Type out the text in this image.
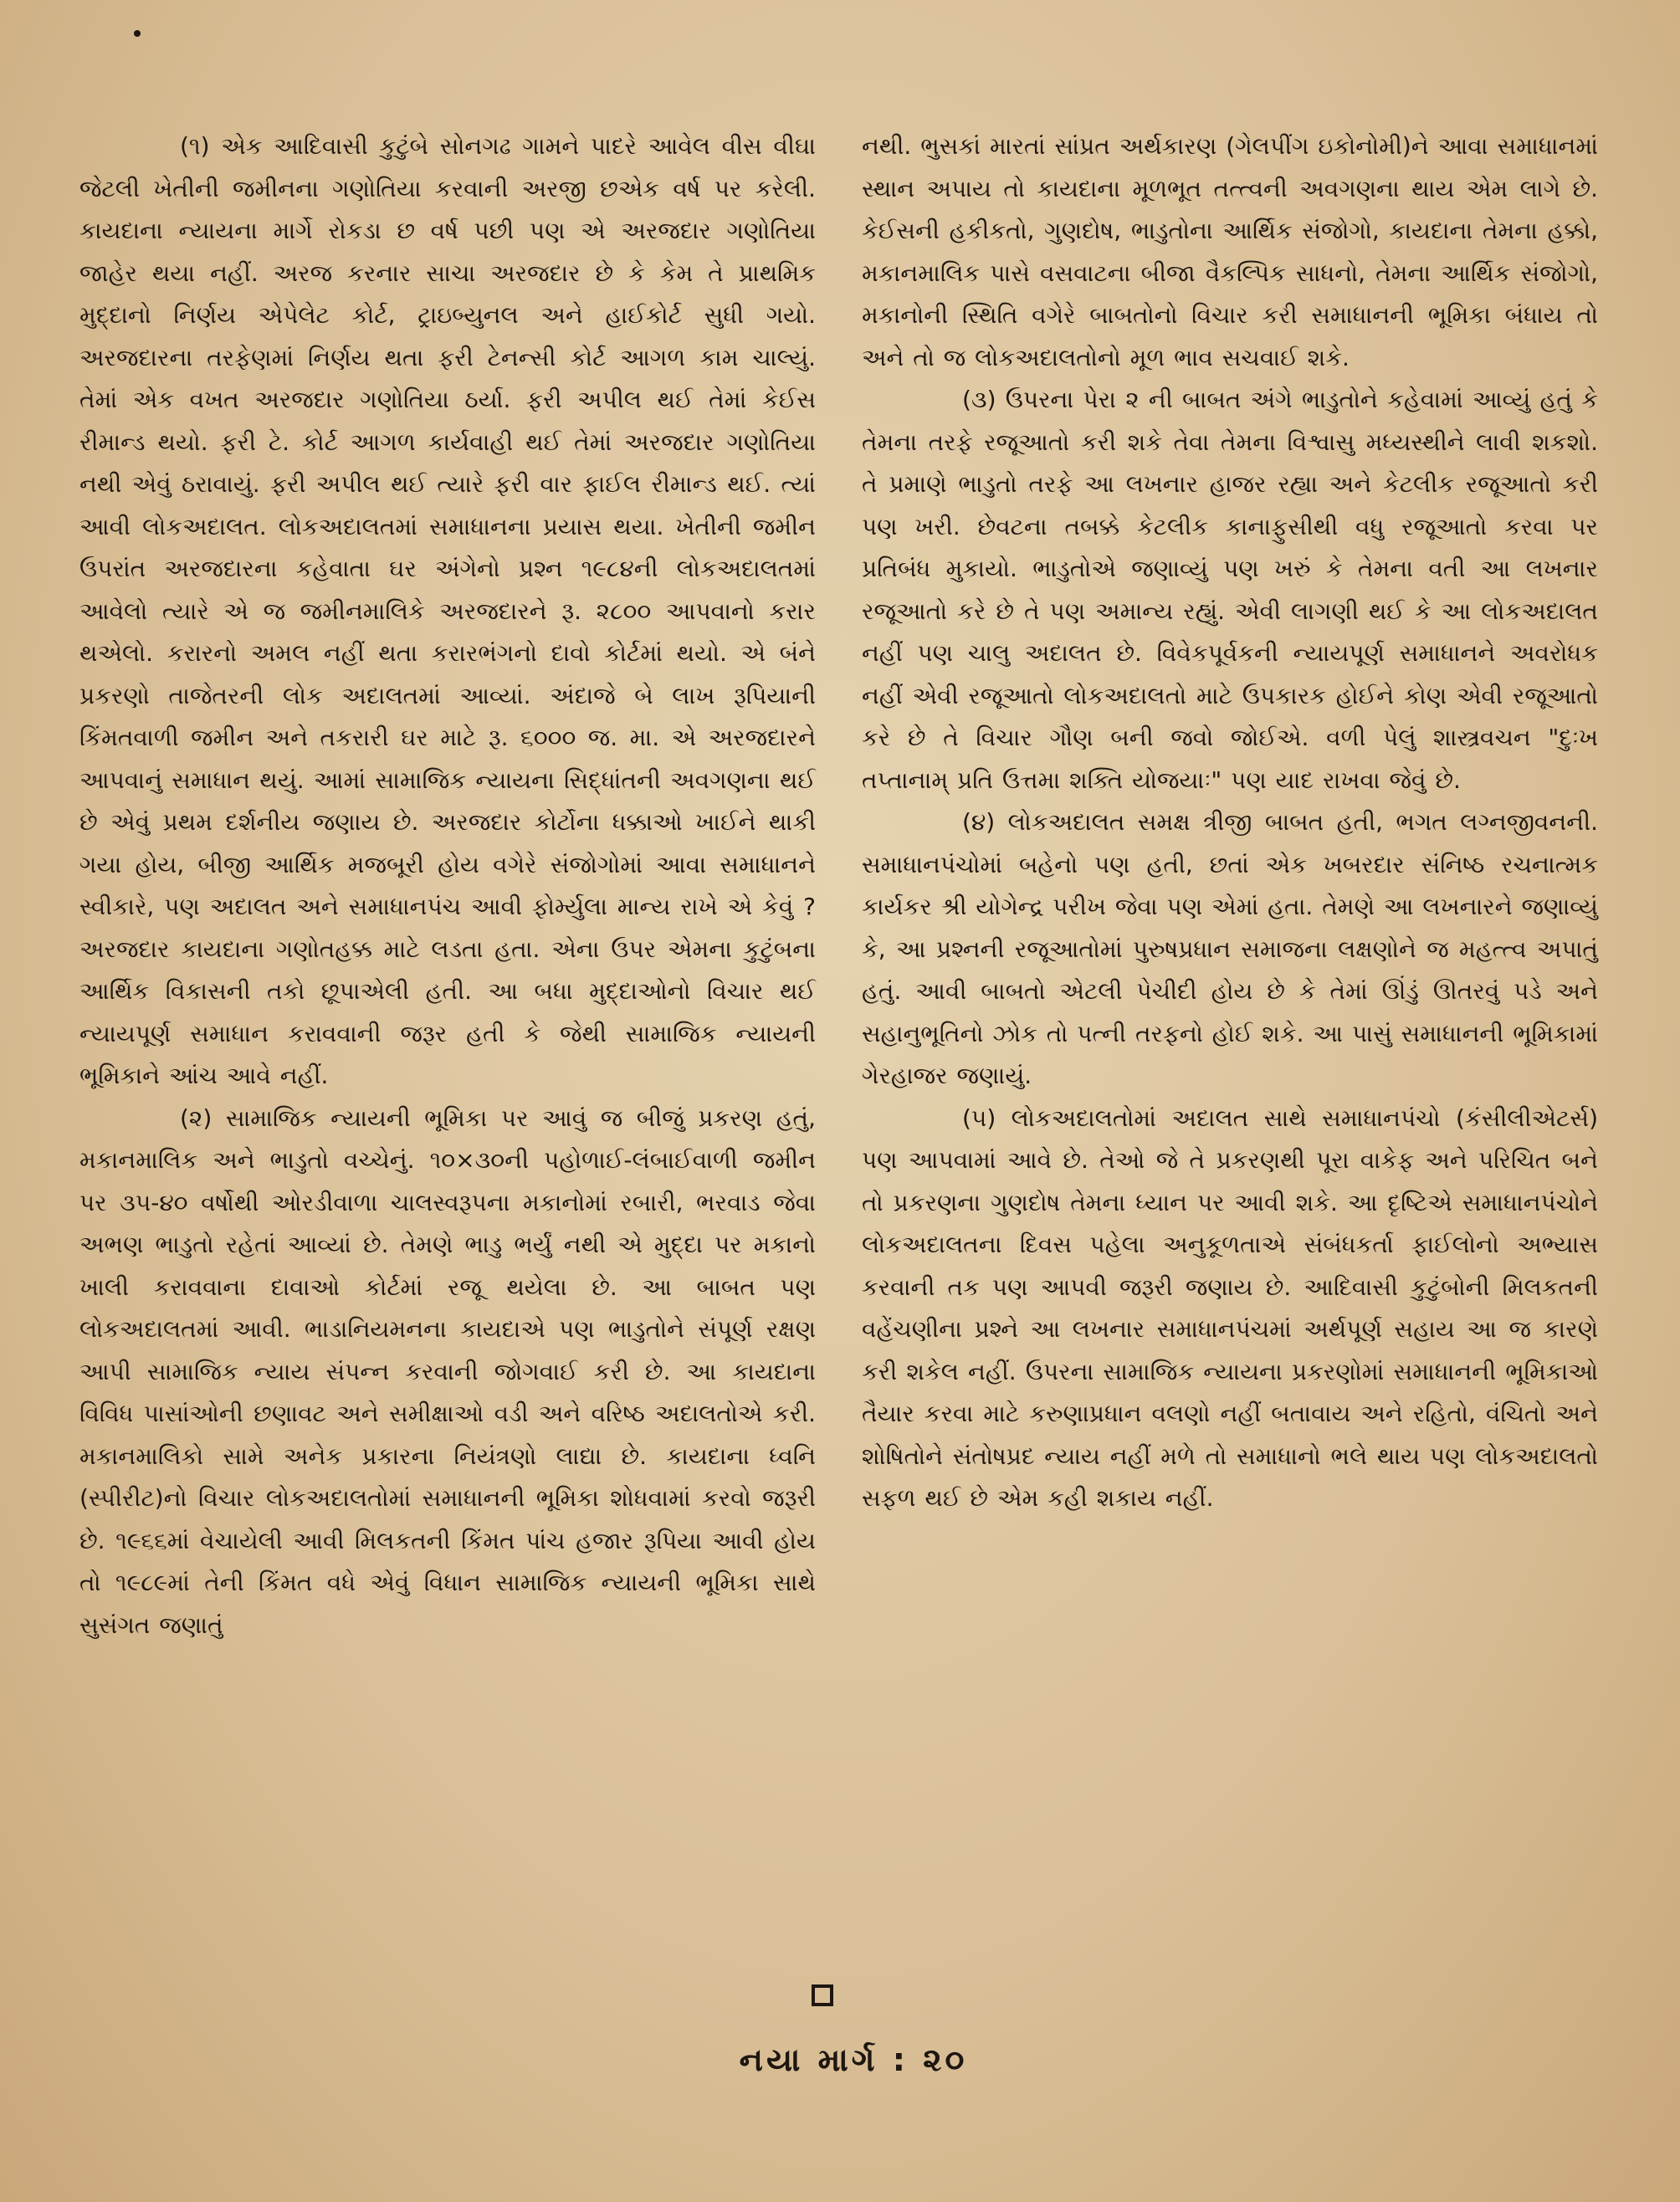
(૧) એક આદિવાસી કુટુંબે સોનગઢ ગામને પાદરે આવેલ વીસ વીઘા જેટલી ખેતીની જમીનના ગણોતિયા કરવાની અરજી છએક વર્ષ પર કરેલી. કાયદાના ન્યાયના માર્ગે રોકડા છ વર્ષ પછી પણ એ અરજદાર ગણોતિયા જાહેર થયા નહીં. અરજ કરનાર સાચા અરજદાર છે કે કેમ તે પ્રાથમિક મુદ્દાનો નિર્ણય એપેલેટ કોર્ટ, ટ્રાઇબ્યુનલ અને હાઈકોર્ટ સુધી ગયો. અરજદારના તરફેણમાં નિર્ણય થતા ફરી ટેનન્સી કોર્ટ આગળ કામ ચાલ્યું. તેમાં એક વખત અરજદાર ગણોતિયા ઠર્યા. ફરી અપીલ થઈ તેમાં કેઈસ રીમાન્ડ થયો. ફરી ટે. કોર્ટ આગળ કાર્યવાહી થઈ તેમાં અરજદાર ગણોતિયા નથી એવું ઠરાવાયું. ફરી અપીલ થઈ ત્યારે ફરી વાર ફાઈલ રીમાન્ડ થઈ. ત્યાં આવી લોકઅદાલત. લોકઅદાલતમાં સમાધાનના પ્રયાસ થયા. ખેતીની જમીન ઉપરાંત અરજદારના કહેવાતા ઘર અંગેનો પ્રશ્ન ૧૯૮૪ની લોકઅદાલતમાં આવેલો ત્યારે એ જ જમીનમાલિકે અરજદારને રૂ. ૨૮૦૦ આપવાનો કરાર થએલો. કરારનો અમલ નહીં થતા કરારભંગનો દાવો કોર્ટમાં થયો. એ બંને પ્રકરણો તાજેતરની લોક અદાલતમાં આવ્યાં. અંદાજે બે લાખ રૂપિયાની કિંમતવાળી જમીન અને તકરારી ઘર માટે રૂ. ૬૦૦૦ જ. મા. એ અરજદારને આપવાનું સમાધાન થયું. આમાં સામાજિક ન્યાયના સિદ્ધાંતની અવગણના થઈ છે એવું પ્રથમ દર્શનીય જણાય છે. અરજદાર કોર્ટોના ધક્કાઓ ખાઈને થાકી ગયા હોય, બીજી આર્થિક મજબૂરી હોય વગેરે સંજોગોમાં આવા સમાધાનને સ્વીકારે, પણ અદાલત અને સમાધાનપંચ આવી ફોર્મ્યુલા માન્ય રાખે એ કેવું ? અરજદાર કાયદાના ગણોતહક્ક માટે લડતા હતા. એના ઉપર એમના કુટુંબના આર્થિક વિકાસની તકો છૂપાએલી હતી. આ બધા મુદ્દાઓનો વિચાર થઈ ન્યાયપૂર્ણ સમાધાન કરાવવાની જરૂર હતી કે જેથી સામાજિક ન્યાયની ભૂમિકાને આંચ આવે નહીં.

(૨) સામાજિક ન્યાયની ભૂમિકા પર આવું જ બીજું પ્રકરણ હતું, મકાનમાલિક અને ભાડુતો વચ્ચેનું. ૧૦×૩૦ની પહોળાઈ-લંબાઈવાળી જમીન પર ૩૫-૪૦ વર્ષોથી ઓરડીવાળા ચાલસ્વરૂપના મકાનોમાં રબારી, ભરવાડ જેવા અભણ ભાડુતો રહેતાં આવ્યાં છે. તેમણે ભાડુ ભર્યું નથી એ મુદ્દા પર મકાનો ખાલી કરાવવાના દાવાઓ કોર્ટમાં રજૂ થયેલા છે. આ બાબત પણ લોકઅદાલતમાં આવી. ભાડાનિયમનના કાયદાએ પણ ભાડુતોને સંપૂર્ણ રક્ષણ આપી સામાજિક ન્યાય સંપન્ન કરવાની જોગવાઈ કરી છે. આ કાયદાના વિવિધ પાસાંઓની છણાવટ અને સમીક્ષાઓ વડી અને વરિષ્ઠ અદાલતોએ કરી. મકાનમાલિકો સામે અનેક પ્રકારના નિયંત્રણો લાદ્યા છે. કાયદાના ધ્વનિ (સ્પીરીટ)નો વિચાર લોકઅદાલતોમાં સમાધાનની ભૂમિકા શોધવામાં કરવો જરૂરી છે. ૧૯૬૬માં વેચાયેલી આવી મિલકતની કિંમત પાંચ હજાર રૂપિયા આવી હોય તો ૧૯૮૯માં તેની કિંમત વધે એવું વિધાન સામાજિક ન્યાયની ભૂમિકા સાથે સુસંગત જણાતું

નથી. ભુસકાં મારતાં સાંપ્રત અર્થકારણ (ગેલપીંગ ઇકોનોમી)ને આવા સમાધાનમાં સ્થાન અપાય તો કાયદાના મૂળભૂત તત્ત્વની અવગણના થાય એમ લાગે છે. કેઈસની હકીકતો, ગુણદોષ, ભાડુતોના આર્થિક સંજોગો, કાયદાના તેમના હક્કો, મકાનમાલિક પાસે વસવાટના બીજા વૈકલ્પિક સાધનો, તેમના આર્થિક સંજોગો, મકાનોની સ્થિતિ વગેરે બાબતોનો વિચાર કરી સમાધાનની ભૂમિકા બંધાય તો અને તો જ લોકઅદાલતોનો મૂળ ભાવ સચવાઈ શકે.

(૩) ઉપરના પેરા ૨ ની બાબત અંગે ભાડુતોને કહેવામાં આવ્યું હતું કે તેમના તરફે રજૂઆતો કરી શકે તેવા તેમના વિશ્વાસુ મધ્યસ્થીને લાવી શકશો. તે પ્રમાણે ભાડુતો તરફે આ લખનાર હાજર રહ્યા અને કેટલીક રજૂઆતો કરી પણ ખરી. છેવટના તબક્કે કેટલીક કાનાફુસીથી વધુ રજૂઆતો કરવા પર પ્રતિબંધ મુકાયો. ભાડુતોએ જણાવ્યું પણ ખરું કે તેમના વતી આ લખનાર રજૂઆતો કરે છે તે પણ અમાન્ય રહ્યું. એવી લાગણી થઈ કે આ લોકઅદાલત નહીં પણ ચાલુ અદાલત છે. વિવેકપૂર્વકની ન્યાયપૂર્ણ સમાધાનને અવરોધક નહીં એવી રજૂઆતો લોકઅદાલતો માટે ઉપકારક હોઈને કોણ એવી રજૂઆતો કરે છે તે વિચાર ગૌણ બની જવો જોઈએ. વળી પેલું શાસ્ત્રવચન "દુઃખ તપ્તાનામ્ પ્રતિ ઉત્તમા શક્તિ યોજયાઃ" પણ યાદ રાખવા જેવું છે.

(૪) લોકઅદાલત સમક્ષ ત્રીજી બાબત હતી, ભગત લગ્નજીવનની. સમાધાનપંચોમાં બહેનો પણ હતી, છતાં એક ખબરદાર સંનિષ્ઠ રચનાત્મક કાર્યકર શ્રી યોગેન્દ્ર પરીખ જેવા પણ એમાં હતા. તેમણે આ લખનારને જણાવ્યું કે, આ પ્રશ્નની રજૂઆતોમાં પુરુષપ્રધાન સમાજના લક્ષણોને જ મહત્ત્વ અપાતું હતું. આવી બાબતો એટલી પેચીદી હોય છે કે તેમાં ઊંડું ઊતરવું પડે અને સહાનુભૂતિનો ઝોક તો પત્ની તરફનો હોઈ શકે. આ પાસું સમાધાનની ભૂમિકામાં ગેરહાજર જણાયું.

(૫) લોકઅદાલતોમાં અદાલત સાથે સમાધાનપંચો (કંસીલીએટર્સ) પણ આપવામાં આવે છે. તેઓ જે તે પ્રકરણથી પૂરા વાકેફ અને પરિચિત બને તો પ્રકરણના ગુણદોષ તેમના ધ્યાન પર આવી શકે. આ દૃષ્ટિએ સમાધાનપંચોને લોકઅદાલતના દિવસ પહેલા અનુકૂળતાએ સંબંધકર્તા ફાઈલોનો અભ્યાસ કરવાની તક પણ આપવી જરૂરી જણાય છે. આદિવાસી કુટુંબોની મિલકતની વહેંચણીના પ્રશ્ને આ લખનાર સમાધાનપંચમાં અર્થપૂર્ણ સહાય આ જ કારણે કરી શકેલ નહીં. ઉપરના સામાજિક ન્યાયના પ્રકરણોમાં સમાધાનની ભૂમિકાઓ તૈયાર કરવા માટે કરુણાપ્રધાન વલણો નહીં બતાવાય અને રહિતો, વંચિતો અને શોષિતોને સંતોષપ્રદ ન્યાય નહીં મળે તો સમાધાનો ભલે થાય પણ લોકઅદાલતો સફળ થઈ છે એમ કહી શકાય નહીં.

નયા માર્ગ : ૨૦
